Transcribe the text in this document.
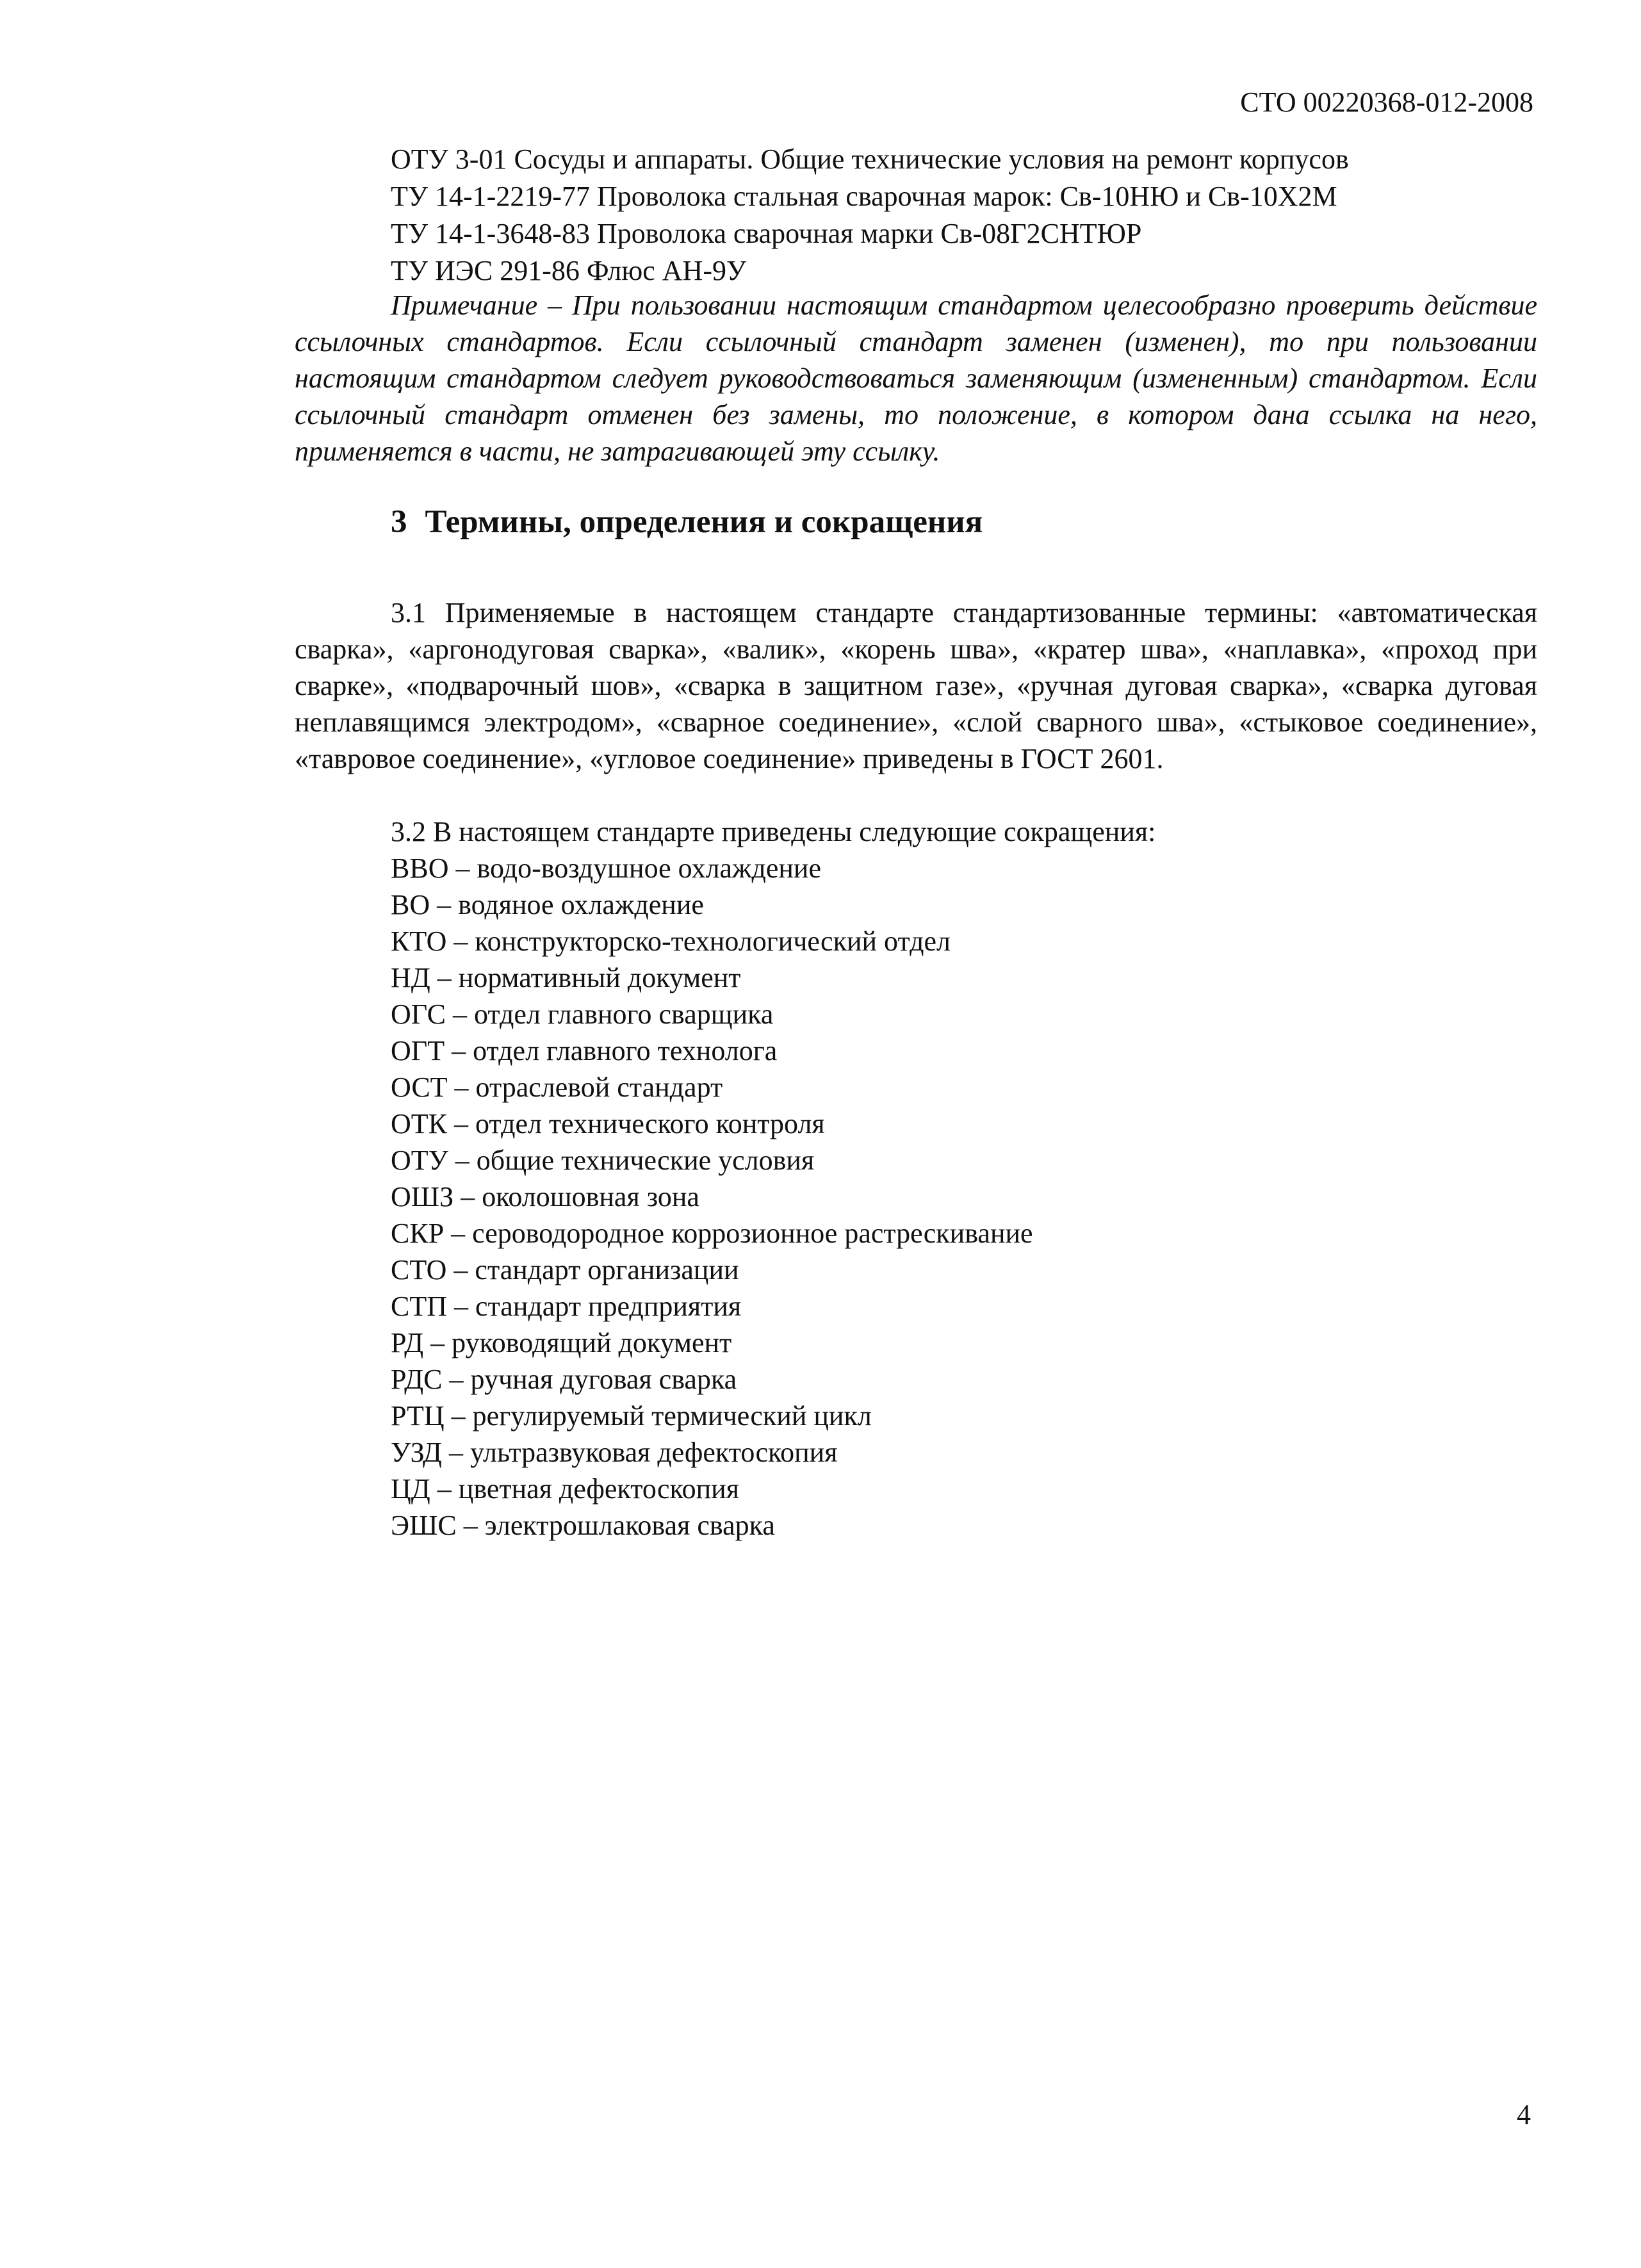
СТО 00220368-012-2008
ОТУ 3-01 Сосуды и аппараты. Общие технические условия на ремонт корпусов
ТУ 14-1-2219-77 Проволока стальная сварочная марок: Св-10НЮ и Св-10Х2М
ТУ 14-1-3648-83 Проволока сварочная марки Св-08Г2СНТЮР
ТУ ИЭС 291-86 Флюс АН-9У

Примечание – При пользовании настоящим стандартом целесообразно проверить действие ссылочных стандартов. Если ссылочный стандарт заменен (изменен), то при пользовании настоящим стандартом следует руководствоваться заменяющим (измененным) стандартом. Если ссылочный стандарт отменен без замены, то положение, в котором дана ссылка на него, применяется в части, не затрагивающей эту ссылку.

3 Термины, определения и сокращения

3.1 Применяемые в настоящем стандарте стандартизованные термины: «автоматическая сварка», «аргонодуговая сварка», «валик», «корень шва», «кратер шва», «наплавка», «проход при сварке», «подварочный шов», «сварка в защитном газе», «ручная дуговая сварка», «сварка дуговая неплавящимся электродом», «сварное соединение», «слой сварного шва», «стыковое соединение», «тавровое соединение», «угловое соединение» приведены в ГОСТ 2601.

3.2 В настоящем стандарте приведены следующие сокращения:

ВВО – водо-воздушное охлаждение
ВО – водяное охлаждение
КТО – конструкторско-технологический отдел
НД – нормативный документ
ОГС – отдел главного сварщика
ОГТ – отдел главного технолога
ОСТ – отраслевой стандарт
ОТК – отдел технического контроля
ОТУ – общие технические условия
ОШЗ – околошовная зона
СКР – сероводородное коррозионное растрескивание
СТО – стандарт организации
СТП – стандарт предприятия
РД – руководящий документ
РДС – ручная дуговая сварка
РТЦ – регулируемый термический цикл
УЗД – ультразвуковая дефектоскопия
ЦД – цветная дефектоскопия
ЭШС – электрошлаковая сварка
4
